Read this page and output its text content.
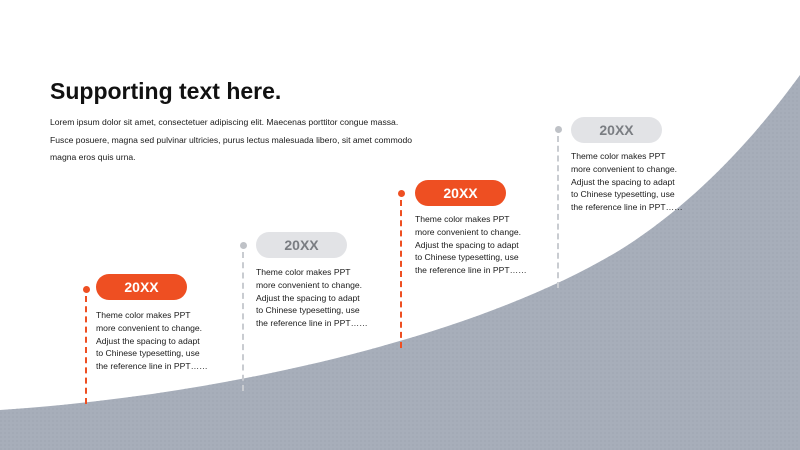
Supporting text here.
Lorem ipsum dolor sit amet, consectetuer adipiscing elit. Maecenas porttitor congue massa. Fusce posuere, magna sed pulvinar ultricies, purus lectus malesuada libero, sit amet commodo magna eros quis urna.
20XX
Theme color makes PPT more convenient to change. Adjust the spacing to adapt to Chinese typesetting, use the reference line in PPT……
20XX
Theme color makes PPT more convenient to change. Adjust the spacing to adapt to Chinese typesetting, use the reference line in PPT……
20XX
Theme color makes PPT more convenient to change. Adjust the spacing to adapt to Chinese typesetting, use the reference line in PPT……
20XX
Theme color makes PPT more convenient to change. Adjust the spacing to adapt to Chinese typesetting, use the reference line in PPT……
